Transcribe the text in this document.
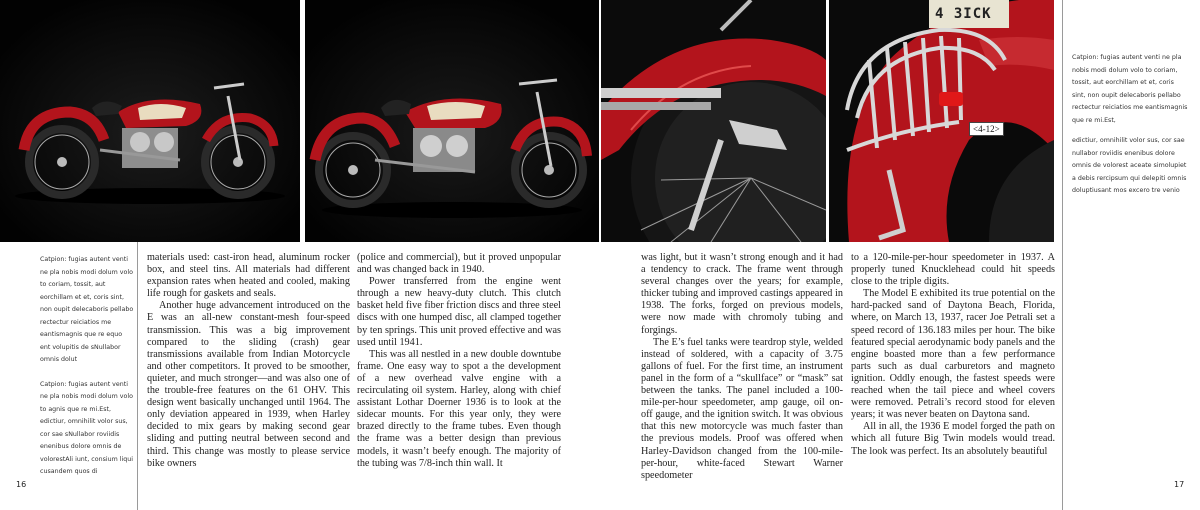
4 3ICK
<4-12>

Catpion: fugias autent venti ne pla nobis modi dolum volo to coriam, tossit, aut eorchillam et et, coris sint, non oupit delecaboris pellabo rectectur reiciatios me eantismagnis que re mi.Est,

edictiur, omnihilit volor sus, cor sae nullabor roviidis enenibus dolore omnis de volorest aceate simolupiet a debis rercipsum qui delepiti omnis doluptiusant mos excero tre venio

Catpion: fugias autent venti ne pla nobis modi dolum volo to coriam, tossit, aut eorchillam et et, coris sint, non oupit delecaboris pellabo rectectur reiciatios me eantismagnis que re equo ent volupitis de sNullabor omnis dolut

Catpion: fugias autent venti ne pla nobis modi dolum volo to agnis que re mi.Est, edictiur, omnihilit volor sus, cor sae sNullabor roviidis enenibus dolore omnis de volorestAli iunt, consium liqui cusandem quos di

materials used: cast-iron head, aluminum rocker box, and steel tins. All materials had different expansion rates when heated and cooled, making life rough for gaskets and seals.

Another huge advancement introduced on the E was an all-new constant-mesh four-speed transmission. This was a big improvement compared to the sliding (crash) gear transmissions available from Indian Motorcycle and other competitors. It proved to be smoother, quieter, and much stronger—and was also one of the trouble-free features on the 61 OHV. This design went basically unchanged until 1964. The only deviation appeared in 1939, when Harley decided to mix gears by making second gear sliding and putting neutral between second and third. This change was mostly to please service bike owners

(police and commercial), but it proved unpopular and was changed back in 1940.

Power transferred from the engine went through a new heavy-duty clutch. This clutch basket held five fiber friction discs and three steel discs with one humped disc, all clamped together by ten springs. This unit proved effective and was used until 1941.

This was all nestled in a new double downtube frame. One easy way to spot a the development of a new overhead valve engine with a recirculating oil system. Harley, along with chief assistant Lothar Doerner 1936 is to look at the sidecar mounts. For this year only, they were brazed directly to the frame tubes. Even though the frame was a better design than previous models, it wasn’t beefy enough. The majority of the tubing was 7/8-inch thin wall. It

was light, but it wasn’t strong enough and it had a tendency to crack. The frame went through several changes over the years; for example, thicker tubing and improved castings appeared in 1938. The forks, forged on previous models, were now made with chromoly tubing and forgings.

The E’s fuel tanks were teardrop style, welded instead of soldered, with a capacity of 3.75 gallons of fuel. For the first time, an instrument panel in the form of a “skullface” or “mask” sat between the tanks. The panel included a 100-mile-per-hour speedometer, amp gauge, oil on-off gauge, and the ignition switch. It was obvious that this new motorcycle was much faster than the previous models. Proof was offered when Harley-Davidson changed from the 100-mile-per-hour, white-faced Stewart Warner speedometer

to a 120-mile-per-hour speedometer in 1937. A properly tuned Knucklehead could hit speeds close to the triple digits.

The Model E exhibited its true potential on the hard-packed sand of Daytona Beach, Florida, where, on March 13, 1937, racer Joe Petrali set a speed record of 136.183 miles per hour. The bike featured special aerodynamic body panels and the engine boasted more than a few performance parts such as dual carburetors and magneto ignition. Oddly enough, the fastest speeds were reached when the tail piece and wheel covers were removed. Petrali’s record stood for eleven years; it was never beaten on Daytona sand.

All in all, the 1936 E model forged the path on which all future Big Twin models would tread. The look was perfect. Its an absolutely beautiful

16	17
